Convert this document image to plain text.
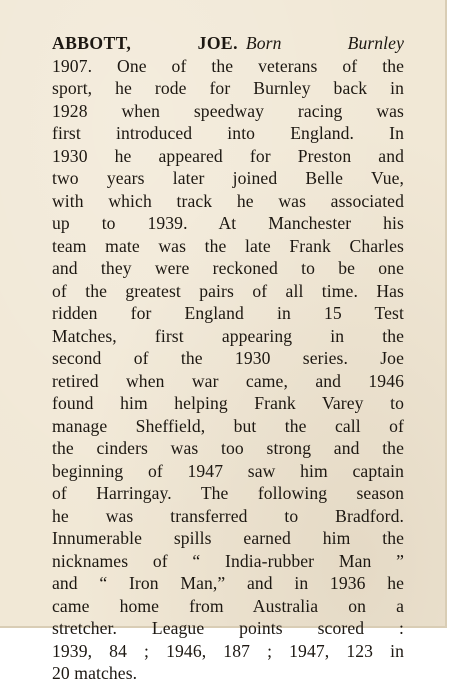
ABBOTT, JOE. Born Burnley
1907. One of the veterans of the
sport, he rode for Burnley back in
1928 when speedway racing was
first introduced into England. In
1930 he appeared for Preston and
two years later joined Belle Vue,
with which track he was associated
up to 1939. At Manchester his
team mate was the late Frank Charles
and they were reckoned to be one
of the greatest pairs of all time. Has
ridden for England in 15 Test
Matches, first appearing in the
second of the 1930 series. Joe
retired when war came, and 1946
found him helping Frank Varey to
manage Sheffield, but the call of
the cinders was too strong and the
beginning of 1947 saw him captain
of Harringay. The following season
he was transferred to Bradford.
Innumerable spills earned him the
nicknames of “ India-rubber Man ”
and “ Iron Man,” and in 1936 he
came home from Australia on a
stretcher. League points scored :
1939, 84 ; 1946, 187 ; 1947, 123 in
20 matches.
